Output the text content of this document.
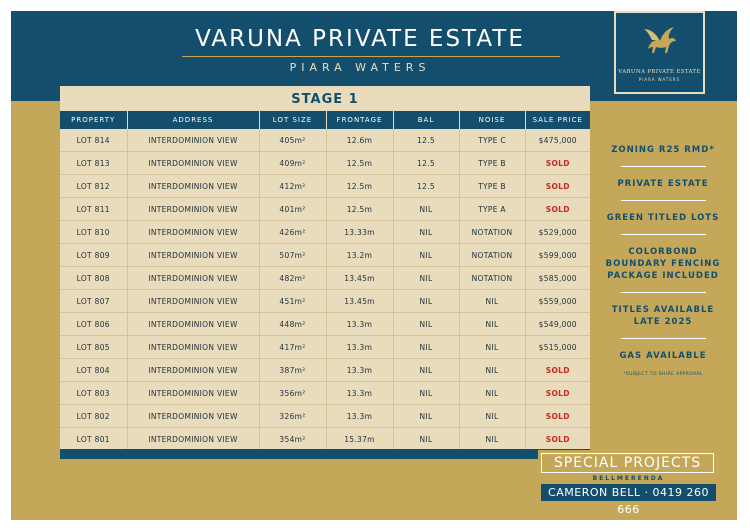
VARUNA PRIVATE ESTATE
PIARA WATERS	VARUNA PRIVATE ESTATE
PIARA WATERS
STAGE 1
PROPERTY	ADDRESS	LOT SIZE	FRONTAGE	BAL	NOISE	SALE PRICE
LOT 814	INTERDOMINION VIEW	405m²	12.6m	12.5	TYPE C	$475,000
LOT 813	INTERDOMINION VIEW	409m²	12.5m	12.5	TYPE B	SOLD
LOT 812	INTERDOMINION VIEW	412m²	12.5m	12.5	TYPE B	SOLD
LOT 811	INTERDOMINION VIEW	401m²	12.5m	NIL	TYPE A	SOLD
LOT 810	INTERDOMINION VIEW	426m²	13.33m	NIL	NOTATION	$529,000
LOT 809	INTERDOMINION VIEW	507m²	13.2m	NIL	NOTATION	$599,000
LOT 808	INTERDOMINION VIEW	482m²	13.45m	NIL	NOTATION	$585,000
LOT 807	INTERDOMINION VIEW	451m²	13.45m	NIL	NIL	$559,000
LOT 806	INTERDOMINION VIEW	448m²	13.3m	NIL	NIL	$549,000
LOT 805	INTERDOMINION VIEW	417m²	13.3m	NIL	NIL	$515,000
LOT 804	INTERDOMINION VIEW	387m²	13.3m	NIL	NIL	SOLD
LOT 803	INTERDOMINION VIEW	356m²	13.3m	NIL	NIL	SOLD
LOT 802	INTERDOMINION VIEW	326m²	13.3m	NIL	NIL	SOLD
LOT 801	INTERDOMINION VIEW	354m²	15.37m	NIL	NIL	SOLD
ZONING R25 RMD*
PRIVATE ESTATE
GREEN TITLED LOTS
COLORBOND
BOUNDARY FENCING
PACKAGE INCLUDED
TITLES AVAILABLE
LATE 2025
GAS AVAILABLE
*SUBJECT TO SHIRE APPROVAL
SPECIAL PROJECTS
BELLMERENDA
CAMERON BELL · 0419 260 666
